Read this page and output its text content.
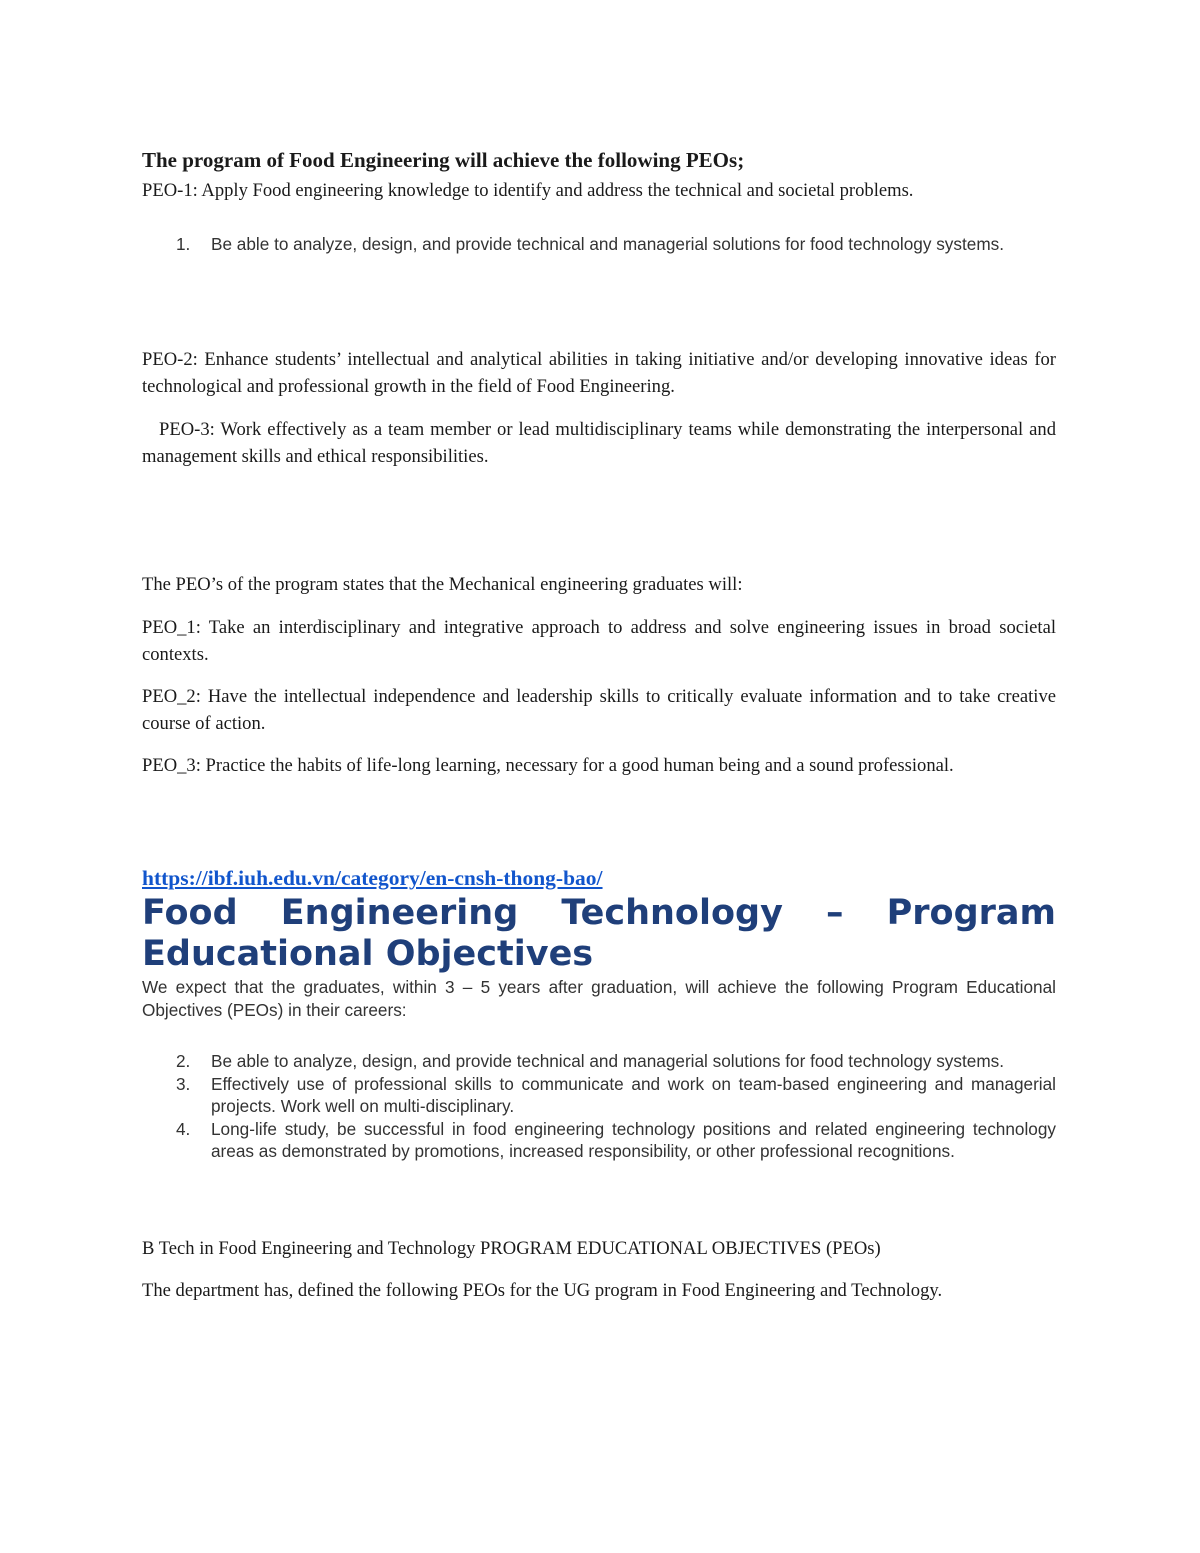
The program of Food Engineering will achieve the following PEOs;

PEO-1: Apply Food engineering knowledge to identify and address the technical and societal problems.

1. Be able to analyze, design, and provide technical and managerial solutions for food technology systems.

PEO-2: Enhance students’ intellectual and analytical abilities in taking initiative and/or developing innovative ideas for technological and professional growth in the field of Food Engineering.

PEO-3: Work effectively as a team member or lead multidisciplinary teams while demonstrating the interpersonal and management skills and ethical responsibilities.

The PEO’s of the program states that the Mechanical engineering graduates will:

PEO_1: Take an interdisciplinary and integrative approach to address and solve engineering issues in broad societal contexts.

PEO_2: Have the intellectual independence and leadership skills to critically evaluate information and to take creative course of action.

PEO_3: Practice the habits of life-long learning, necessary for a good human being and a sound professional.

https://ibf.iuh.edu.vn/category/en-cnsh-thong-bao/
Food Engineering Technology – Program Educational Objectives

We expect that the graduates, within 3 – 5 years after graduation, will achieve the following Program Educational Objectives (PEOs) in their careers:

2. Be able to analyze, design, and provide technical and managerial solutions for food technology systems.
3. Effectively use of professional skills to communicate and work on team-based engineering and managerial projects. Work well on multi-disciplinary.
4. Long-life study, be successful in food engineering technology positions and related engineering technology areas as demonstrated by promotions, increased responsibility, or other professional recognitions.

B Tech in Food Engineering and Technology PROGRAM EDUCATIONAL OBJECTIVES (PEOs)

The department has, defined the following PEOs for the UG program in Food Engineering and Technology.
